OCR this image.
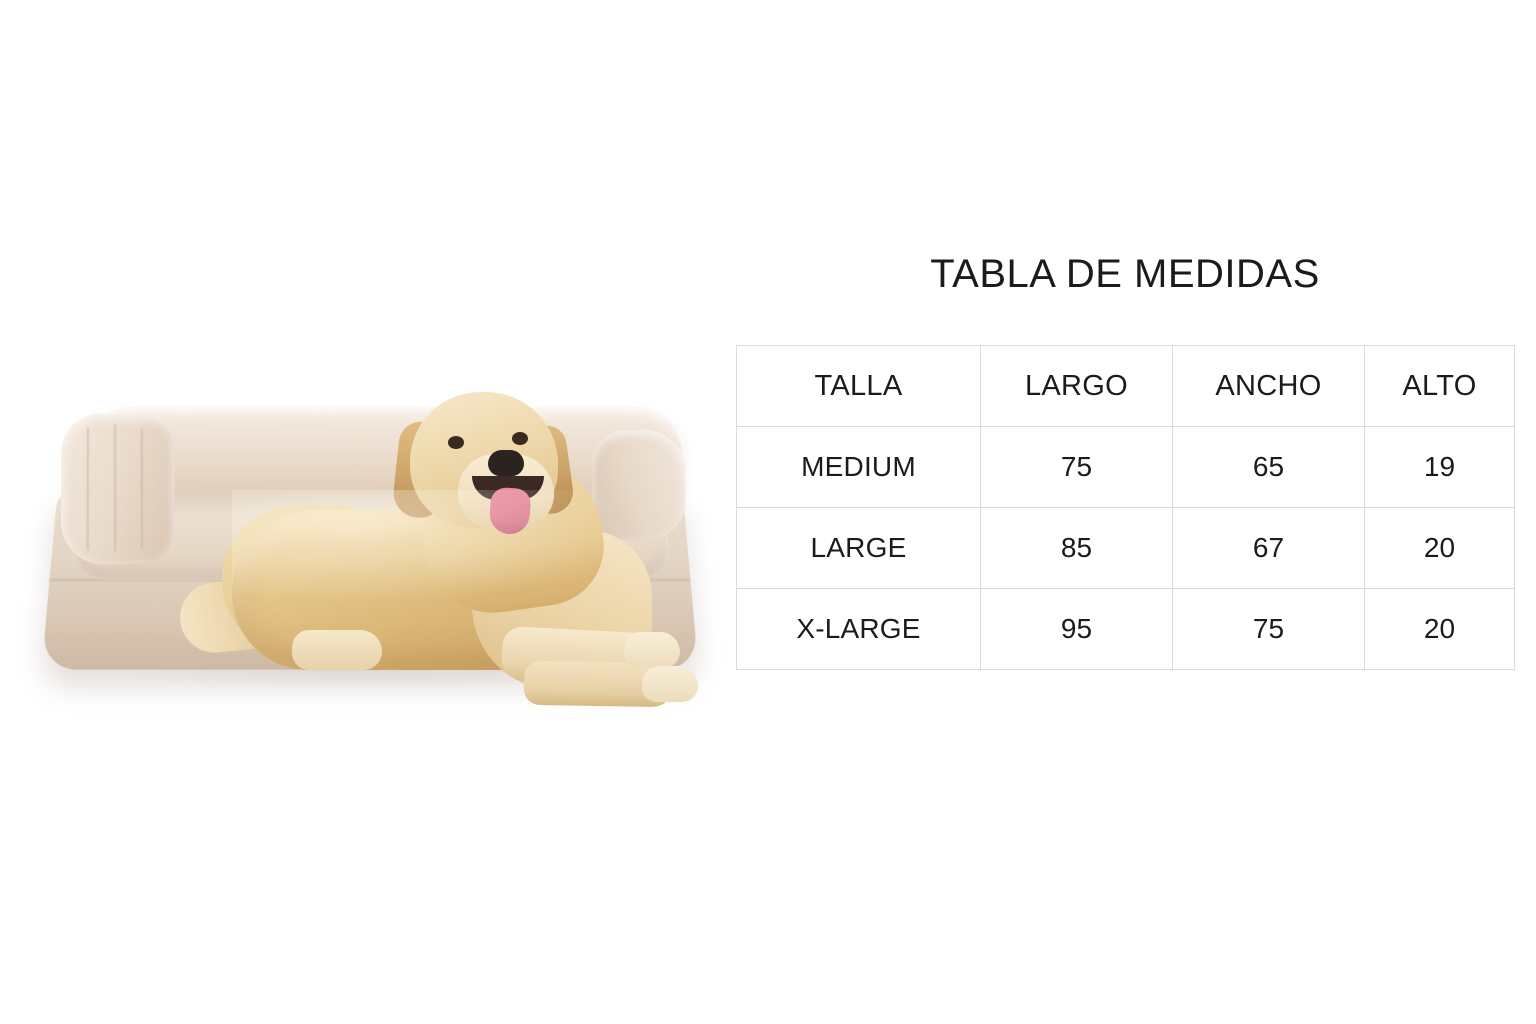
TABLA DE MEDIDAS
TALLA	LARGO	ANCHO	ALTO
MEDIUM	75	65	19
LARGE	85	67	20
X-LARGE	95	75	20
